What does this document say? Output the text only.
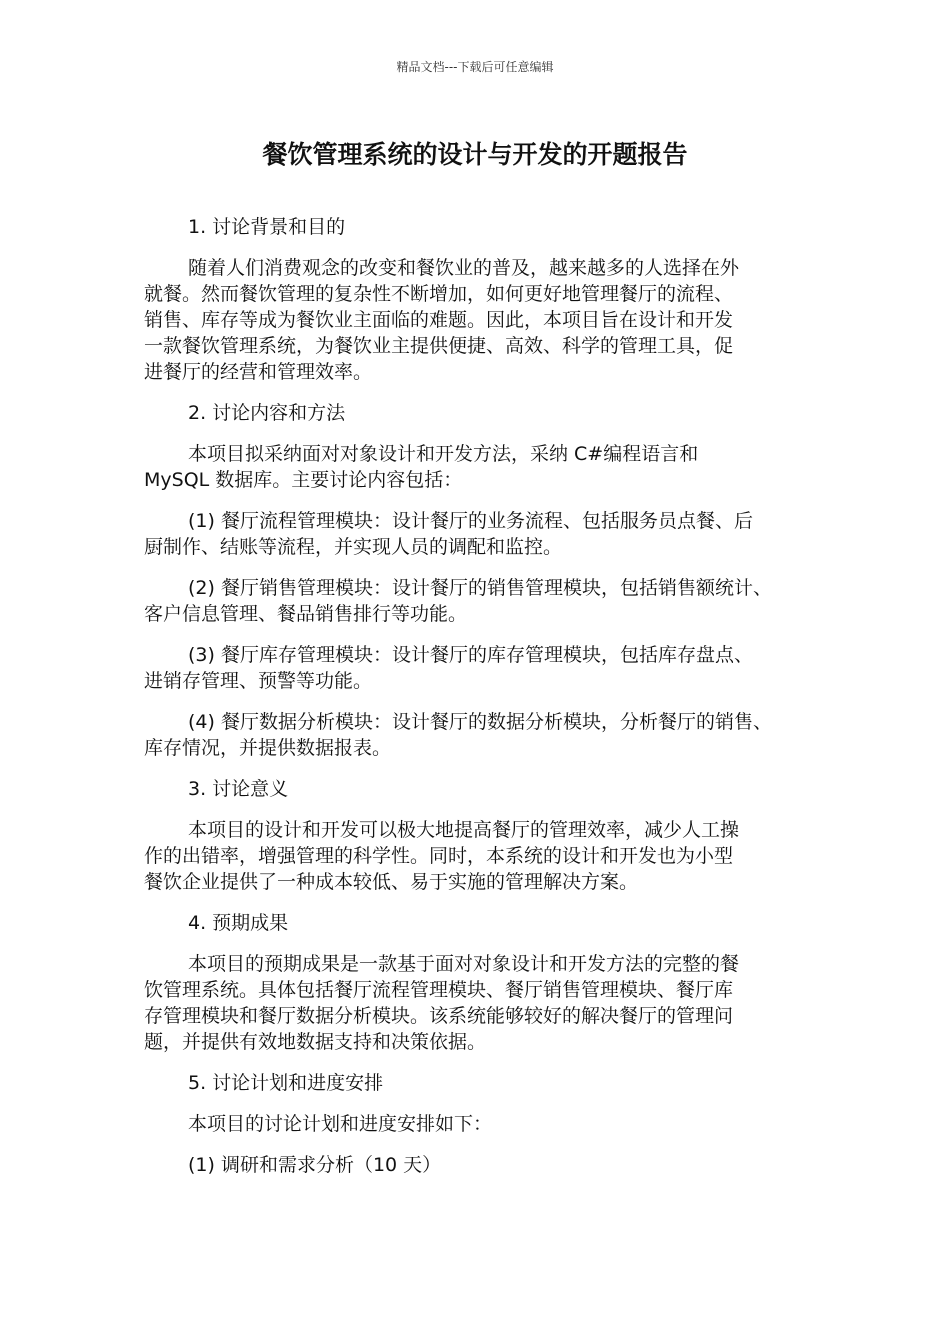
精品文档---下载后可任意编辑
餐饮管理系统的设计与开发的开题报告

1. 讨论背景和目的

随着人们消费观念的改变和餐饮业的普及，越来越多的人选择在外
就餐。然而餐饮管理的复杂性不断增加，如何更好地管理餐厅的流程、
销售、库存等成为餐饮业主面临的难题。因此，本项目旨在设计和开发
一款餐饮管理系统，为餐饮业主提供便捷、高效、科学的管理工具，促
进餐厅的经营和管理效率。

2. 讨论内容和方法

本项目拟采纳面对对象设计和开发方法，采纳 C#编程语言和
MySQL 数据库。主要讨论内容包括：

(1) 餐厅流程管理模块：设计餐厅的业务流程、包括服务员点餐、后
厨制作、结账等流程，并实现人员的调配和监控。

(2) 餐厅销售管理模块：设计餐厅的销售管理模块，包括销售额统计、
客户信息管理、餐品销售排行等功能。

(3) 餐厅库存管理模块：设计餐厅的库存管理模块，包括库存盘点、
进销存管理、预警等功能。

(4) 餐厅数据分析模块：设计餐厅的数据分析模块，分析餐厅的销售、
库存情况，并提供数据报表。

3. 讨论意义

本项目的设计和开发可以极大地提高餐厅的管理效率，减少人工操
作的出错率，增强管理的科学性。同时，本系统的设计和开发也为小型
餐饮企业提供了一种成本较低、易于实施的管理解决方案。

4. 预期成果

本项目的预期成果是一款基于面对对象设计和开发方法的完整的餐
饮管理系统。具体包括餐厅流程管理模块、餐厅销售管理模块、餐厅库
存管理模块和餐厅数据分析模块。该系统能够较好的解决餐厅的管理问
题，并提供有效地数据支持和决策依据。

5. 讨论计划和进度安排

本项目的讨论计划和进度安排如下：

(1) 调研和需求分析（10 天）
